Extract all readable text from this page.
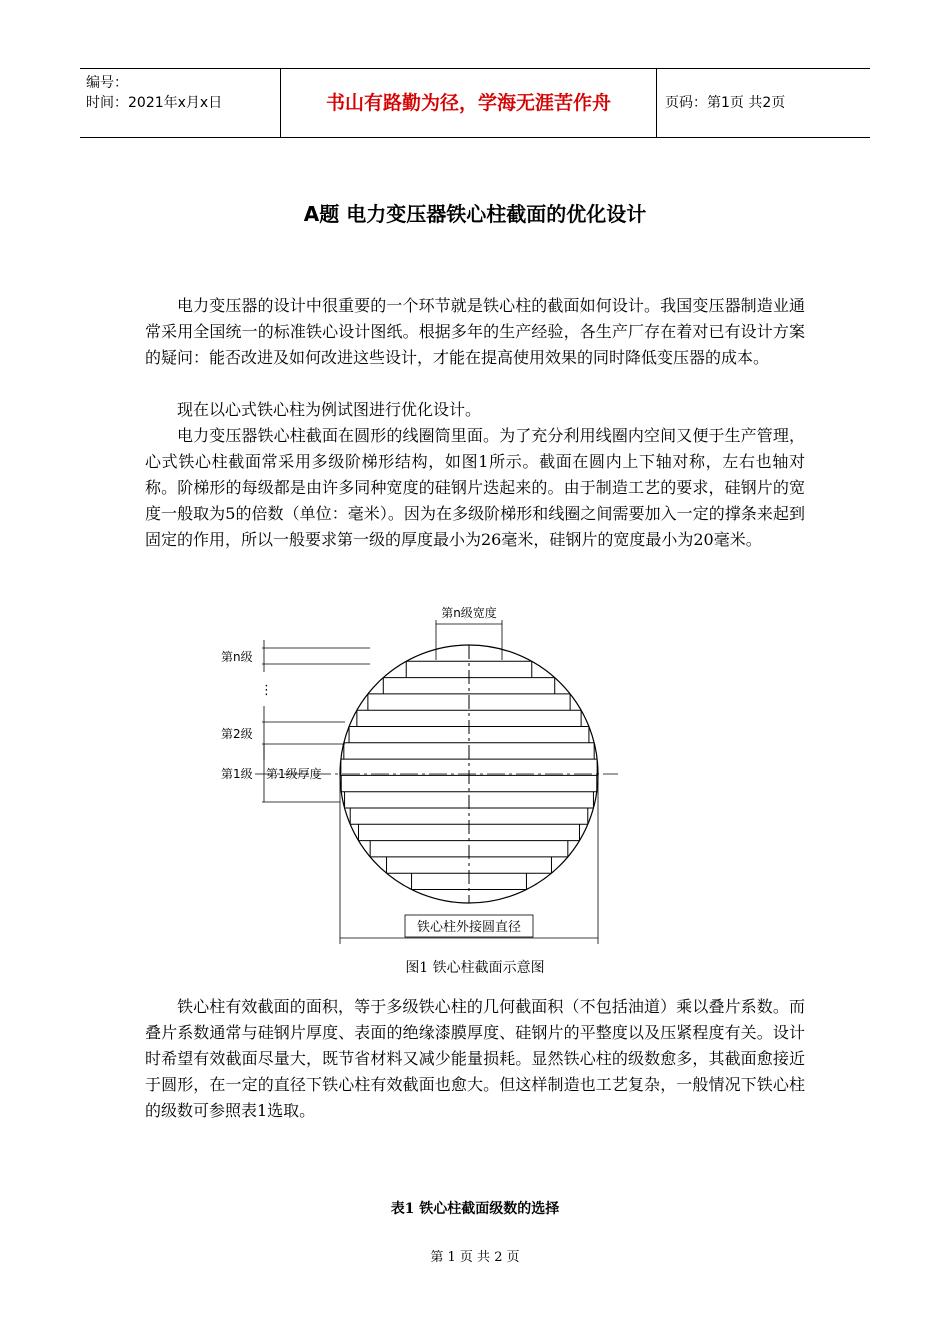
编号：
时间：2021年x月x日	书山有路勤为径，学海无涯苦作舟	页码：第1页 共2页
A题 电力变压器铁心柱截面的优化设计

电力变压器的设计中很重要的一个环节就是铁心柱的截面如何设计。我国变压器制造业通常采用全国统一的标准铁心设计图纸。根据多年的生产经验，各生产厂存在着对已有设计方案的疑问：能否改进及如何改进这些设计，才能在提高使用效果的同时降低变压器的成本。

现在以心式铁心柱为例试图进行优化设计。

电力变压器铁心柱截面在圆形的线圈筒里面。为了充分利用线圈内空间又便于生产管理，心式铁心柱截面常采用多级阶梯形结构，如图1所示。截面在圆内上下轴对称，左右也轴对称。阶梯形的每级都是由许多同种宽度的硅钢片迭起来的。由于制造工艺的要求，硅钢片的宽度一般取为5的倍数（单位：毫米）。因为在多级阶梯形和线圈之间需要加入一定的撑条来起到固定的作用，所以一般要求第一级的厚度最小为26毫米，硅钢片的宽度最小为20毫米。

第n级宽度
第n级
⋮
第2级
第1级 第1级厚度
铁心柱外接圆直径
图1 铁心柱截面示意图

铁心柱有效截面的面积，等于多级铁心柱的几何截面积（不包括油道）乘以叠片系数。而叠片系数通常与硅钢片厚度、表面的绝缘漆膜厚度、硅钢片的平整度以及压紧程度有关。设计时希望有效截面尽量大，既节省材料又减少能量损耗。显然铁心柱的级数愈多，其截面愈接近于圆形，在一定的直径下铁心柱有效截面也愈大。但这样制造也工艺复杂，一般情况下铁心柱的级数可参照表1选取。

表1 铁心柱截面级数的选择
第 1 页 共 2 页
